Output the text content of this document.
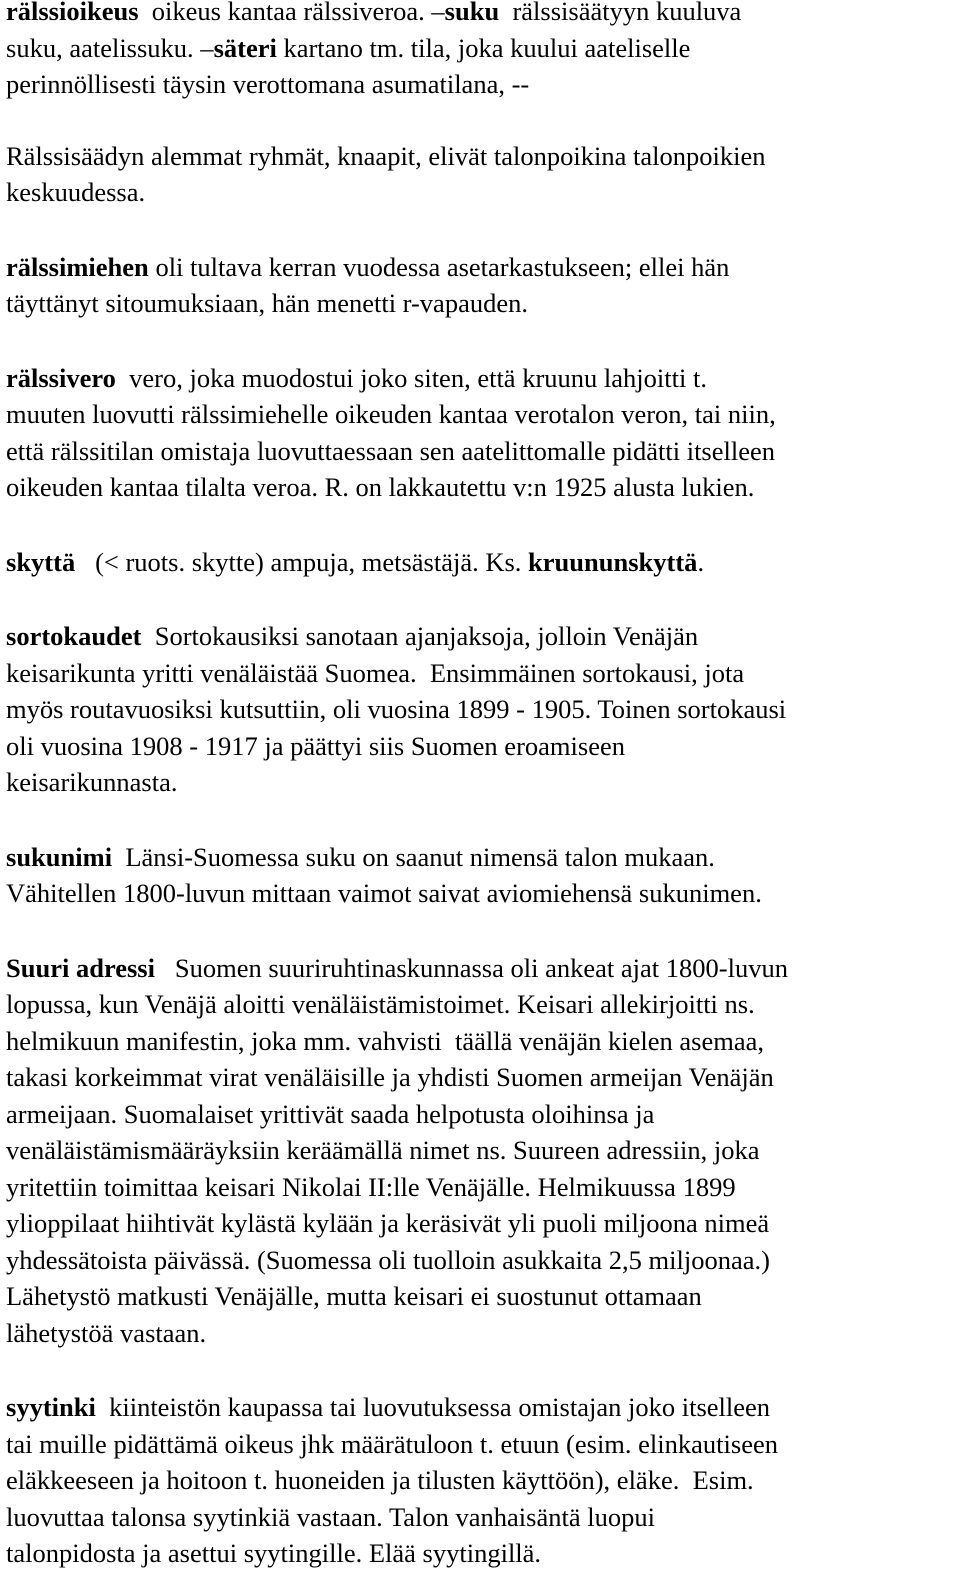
rälssioikeus  oikeus kantaa rälssiveroa. –suku  rälssisäätyyn kuuluva
suku, aatelissuku. –säteri kartano tm. tila, joka kuului aateliselle
perinnöllisesti täysin verottomana asumatilana, --
Rälssisäädyn alemmat ryhmät, knaapit, elivät talonpoikina talonpoikien
keskuudessa.
rälssimiehen oli tultava kerran vuodessa asetarkastukseen; ellei hän
täyttänyt sitoumuksiaan, hän menetti r-vapauden.
rälssivero  vero, joka muodostui joko siten, että kruunu lahjoitti t.
muuten luovutti rälssimiehelle oikeuden kantaa verotalon veron, tai niin,
että rälssitilan omistaja luovuttaessaan sen aatelittomalle pidätti itselleen
oikeuden kantaa tilalta veroa. R. on lakkautettu v:n 1925 alusta lukien.
skyttä   (< ruots. skytte) ampuja, metsästäjä. Ks. kruununskyttä.
sortokaudet  Sortokausiksi sanotaan ajanjaksoja, jolloin Venäjän
keisarikunta yritti venäläistää Suomea.  Ensimmäinen sortokausi, jota
myös routavuosiksi kutsuttiin, oli vuosina 1899 - 1905. Toinen sortokausi
oli vuosina 1908 - 1917 ja päättyi siis Suomen eroamiseen
keisarikunnasta.
sukunimi  Länsi-Suomessa suku on saanut nimensä talon mukaan.
Vähitellen 1800-luvun mittaan vaimot saivat aviomiehensä sukunimen.
Suuri adressi   Suomen suuriruhtinaskunnassa oli ankeat ajat 1800-luvun
lopussa, kun Venäjä aloitti venäläistämistoimet. Keisari allekirjoitti ns.
helmikuun manifestin, joka mm. vahvisti  täällä venäjän kielen asemaa,
takasi korkeimmat virat venäläisille ja yhdisti Suomen armeijan Venäjän
armeijaan. Suomalaiset yrittivät saada helpotusta oloihinsa ja
venäläistämismääräyksiin keräämällä nimet ns. Suureen adressiin, joka
yritettiin toimittaa keisari Nikolai II:lle Venäjälle. Helmikuussa 1899
ylioppilaat hiihtivät kylästä kylään ja keräsivät yli puoli miljoona nimeä
yhdessätoista päivässä. (Suomessa oli tuolloin asukkaita 2,5 miljoonaa.)
Lähetystö matkusti Venäjälle, mutta keisari ei suostunut ottamaan
lähetystöä vastaan.
syytinki  kiinteistön kaupassa tai luovutuksessa omistajan joko itselleen
tai muille pidättämä oikeus jhk määrätuloon t. etuun (esim. elinkautiseen
eläkkeeseen ja hoitoon t. huoneiden ja tilusten käyttöön), eläke.  Esim.
luovuttaa talonsa syytinkiä vastaan. Talon vanhaisäntä luopui
talonpidosta ja asettui syytingille. Elää syytingillä.
